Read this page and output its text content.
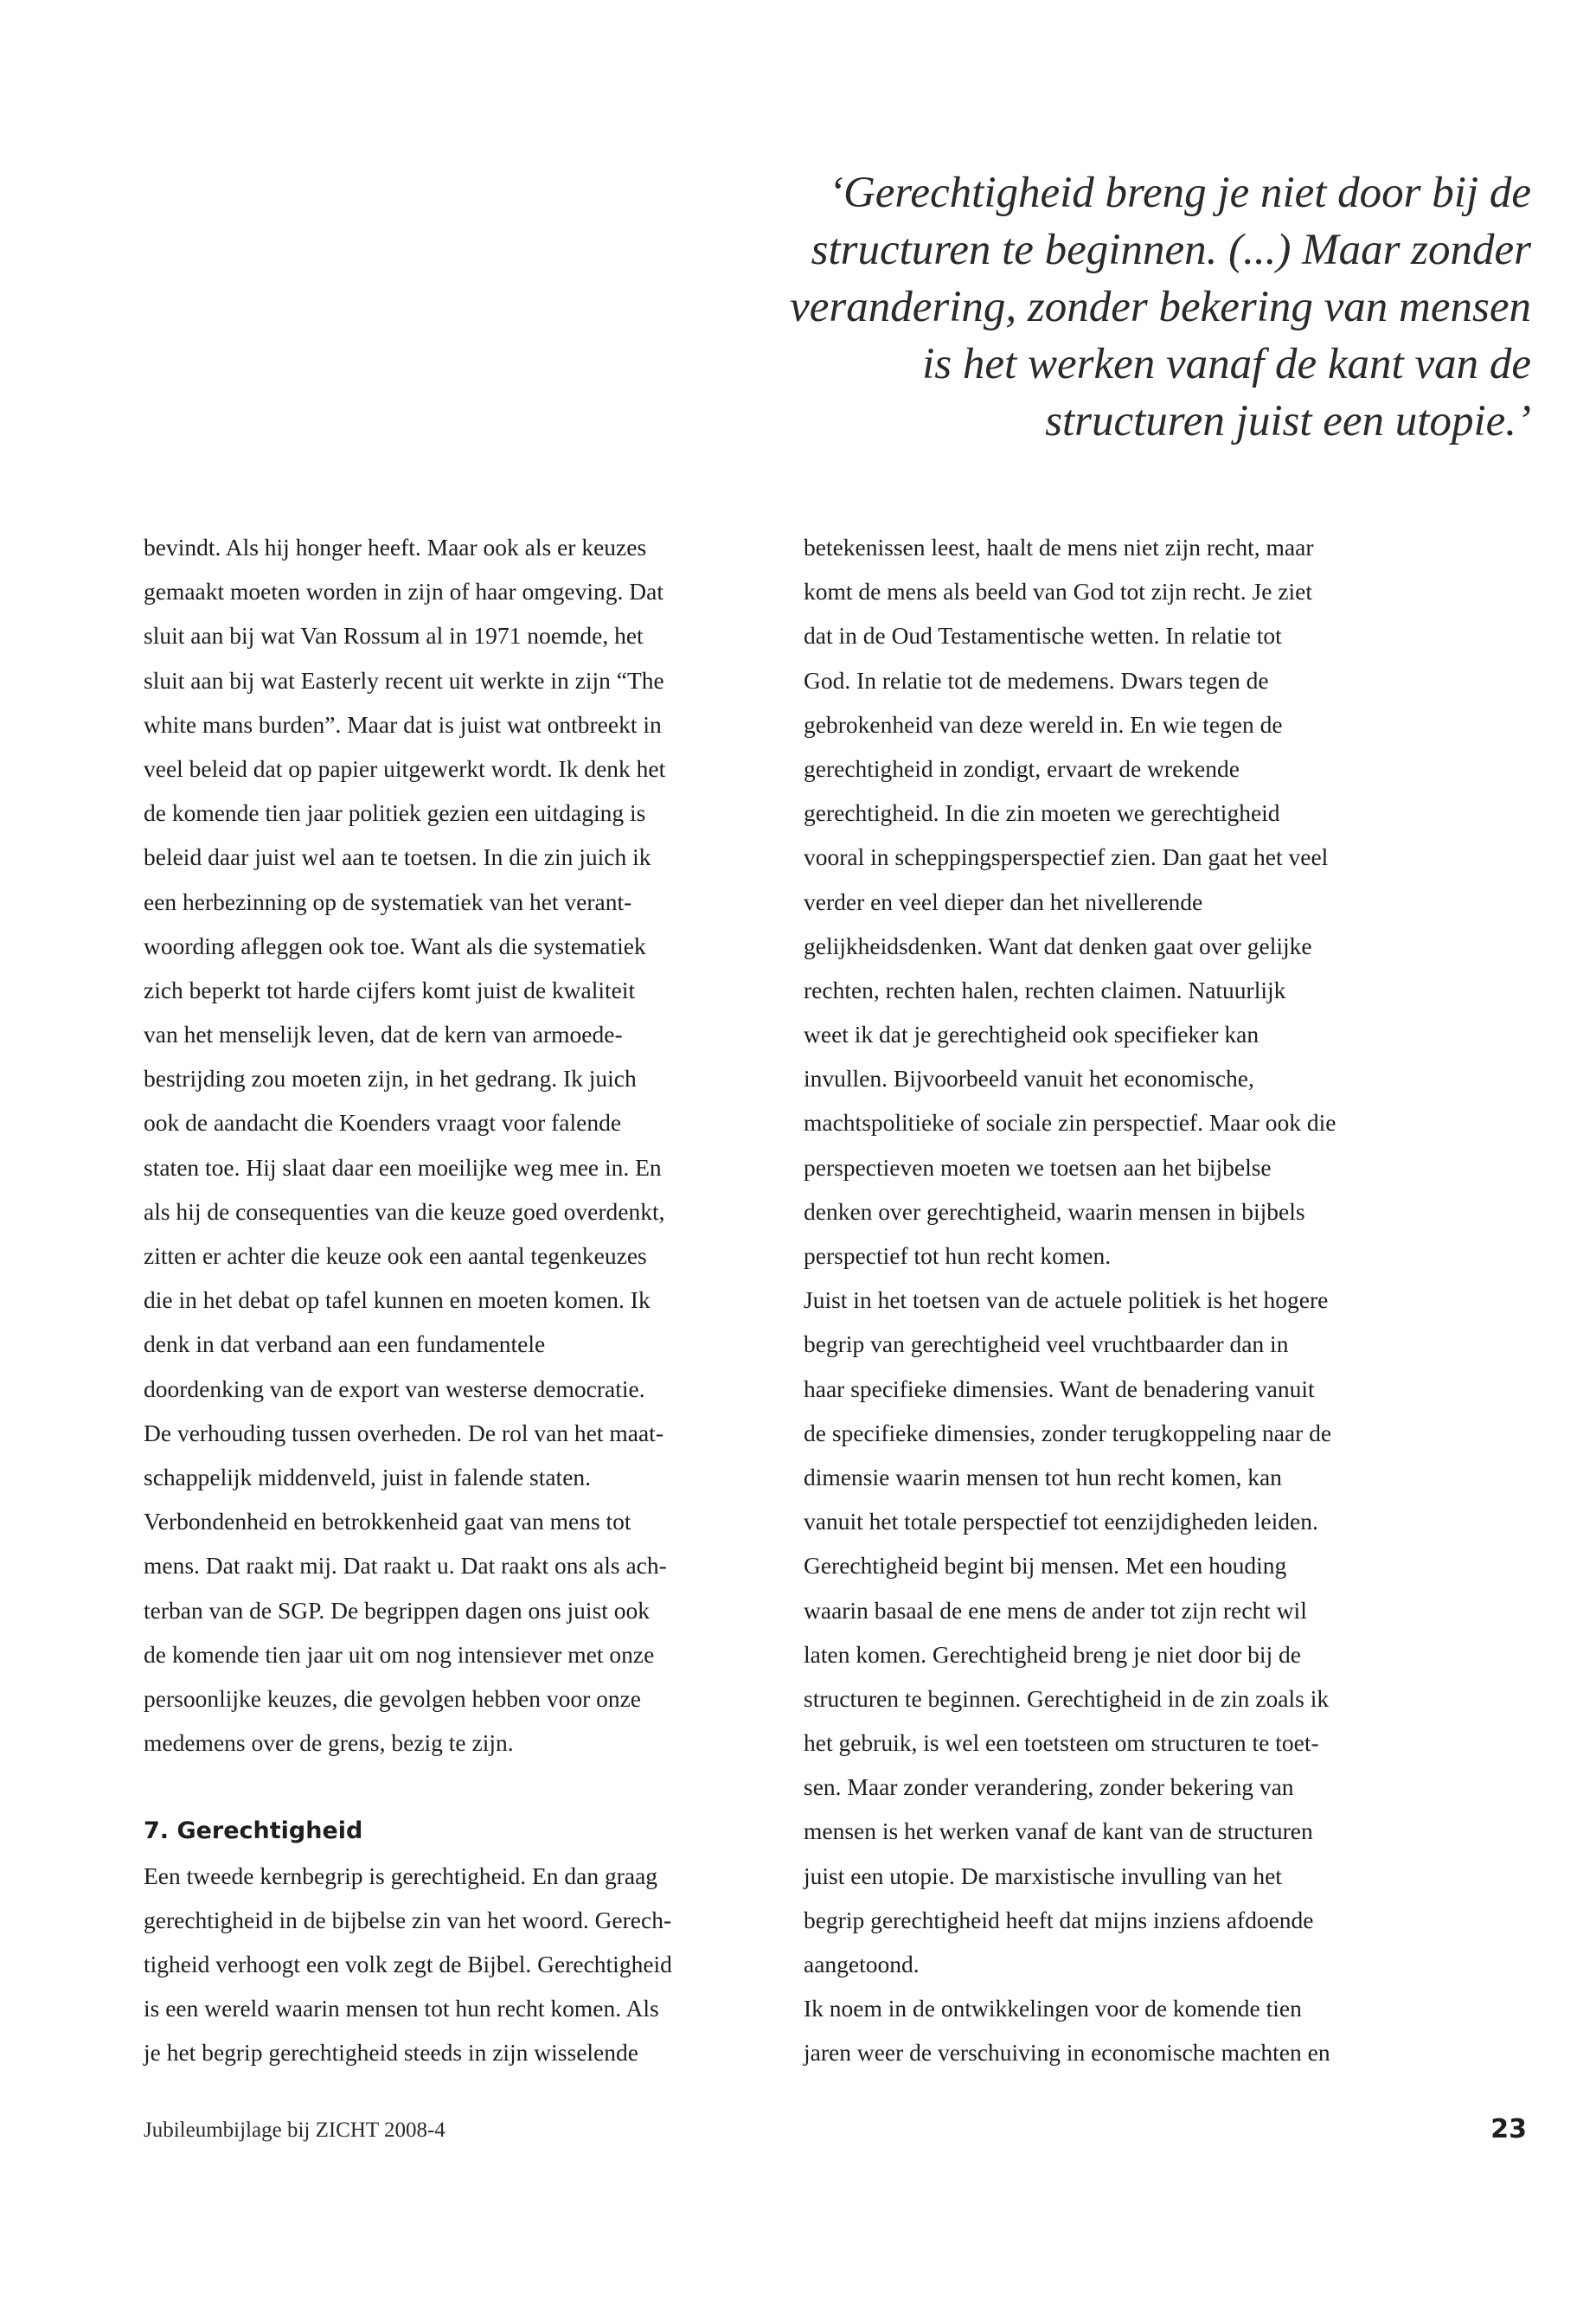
‘Gerechtigheid breng je niet door bij de
structuren te beginnen. (...) Maar zonder
verandering, zonder bekering van mensen
is het werken vanaf de kant van de
structuren juist een utopie.’
bevindt. Als hij honger heeft. Maar ook als er keuzes
gemaakt moeten worden in zijn of haar omgeving. Dat
sluit aan bij wat Van Rossum al in 1971 noemde, het
sluit aan bij wat Easterly recent uit werkte in zijn “The
white mans burden”. Maar dat is juist wat ontbreekt in
veel beleid dat op papier uitgewerkt wordt. Ik denk het
de komende tien jaar politiek gezien een uitdaging is
beleid daar juist wel aan te toetsen. In die zin juich ik
een herbezinning op de systematiek van het verant-
woording afleggen ook toe. Want als die systematiek
zich beperkt tot harde cijfers komt juist de kwaliteit
van het menselijk leven, dat de kern van armoede-
bestrijding zou moeten zijn, in het gedrang. Ik juich
ook de aandacht die Koenders vraagt voor falende
staten toe. Hij slaat daar een moeilijke weg mee in. En
als hij de consequenties van die keuze goed overdenkt,
zitten er achter die keuze ook een aantal tegenkeuzes
die in het debat op tafel kunnen en moeten komen. Ik
denk in dat verband aan een fundamentele
doordenking van de export van westerse democratie.
De verhouding tussen overheden. De rol van het maat-
schappelijk middenveld, juist in falende staten.
Verbondenheid en betrokkenheid gaat van mens tot
mens. Dat raakt mij. Dat raakt u. Dat raakt ons als ach-
terban van de SGP. De begrippen dagen ons juist ook
de komende tien jaar uit om nog intensiever met onze
persoonlijke keuzes, die gevolgen hebben voor onze
medemens over de grens, bezig te zijn.
7. Gerechtigheid
Een tweede kernbegrip is gerechtigheid. En dan graag
gerechtigheid in de bijbelse zin van het woord. Gerech-
tigheid verhoogt een volk zegt de Bijbel. Gerechtigheid
is een wereld waarin mensen tot hun recht komen. Als
je het begrip gerechtigheid steeds in zijn wisselende
betekenissen leest, haalt de mens niet zijn recht, maar
komt de mens als beeld van God tot zijn recht. Je ziet
dat in de Oud Testamentische wetten. In relatie tot
God. In relatie tot de medemens. Dwars tegen de
gebrokenheid van deze wereld in. En wie tegen de
gerechtigheid in zondigt, ervaart de wrekende
gerechtigheid. In die zin moeten we gerechtigheid
vooral in scheppingsperspectief zien. Dan gaat het veel
verder en veel dieper dan het nivellerende
gelijkheidsdenken. Want dat denken gaat over gelijke
rechten, rechten halen, rechten claimen. Natuurlijk
weet ik dat je gerechtigheid ook specifieker kan
invullen. Bijvoorbeeld vanuit het economische,
machtspolitieke of sociale zin perspectief. Maar ook die
perspectieven moeten we toetsen aan het bijbelse
denken over gerechtigheid, waarin mensen in bijbels
perspectief tot hun recht komen.
Juist in het toetsen van de actuele politiek is het hogere
begrip van gerechtigheid veel vruchtbaarder dan in
haar specifieke dimensies. Want de benadering vanuit
de specifieke dimensies, zonder terugkoppeling naar de
dimensie waarin mensen tot hun recht komen, kan
vanuit het totale perspectief tot eenzijdigheden leiden.
Gerechtigheid begint bij mensen. Met een houding
waarin basaal de ene mens de ander tot zijn recht wil
laten komen. Gerechtigheid breng je niet door bij de
structuren te beginnen. Gerechtigheid in de zin zoals ik
het gebruik, is wel een toetsteen om structuren te toet-
sen. Maar zonder verandering, zonder bekering van
mensen is het werken vanaf de kant van de structuren
juist een utopie. De marxistische invulling van het
begrip gerechtigheid heeft dat mijns inziens afdoende
aangetoond.
Ik noem in de ontwikkelingen voor de komende tien
jaren weer de verschuiving in economische machten en
Jubileumbijlage bij ZICHT 2008-4	23
